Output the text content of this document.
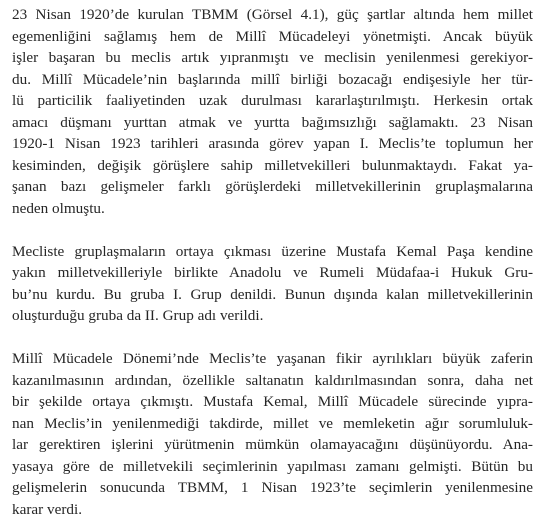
23 Nisan 1920’de kurulan TBMM (Görsel 4.1), güç şartlar altında hem millet
egemenliğini sağlamış hem de Millî Mücadeleyi yönetmişti. Ancak büyük
işler başaran bu meclis artık yıpranmıştı ve meclisin yenilenmesi gerekiyor-
du. Millî Mücadele’nin başlarında millî birliği bozacağı endişesiyle her tür-
lü particilik faaliyetinden uzak durulması kararlaştırılmıştı. Herkesin ortak
amacı düşmanı yurttan atmak ve yurtta bağımsızlığı sağlamaktı. 23 Nisan
1920-1 Nisan 1923 tarihleri arasında görev yapan I. Meclis’te toplumun her
kesiminden, değişik görüşlere sahip milletvekilleri bulunmaktaydı. Fakat ya-
şanan bazı gelişmeler farklı görüşlerdeki milletvekillerinin gruplaşmalarına
neden olmuştu.
Mecliste gruplaşmaların ortaya çıkması üzerine Mustafa Kemal Paşa kendine
yakın milletvekilleriyle birlikte Anadolu ve Rumeli Müdafaa-i Hukuk Gru-
bu’nu kurdu. Bu gruba I. Grup denildi. Bunun dışında kalan milletvekillerinin
oluşturduğu gruba da II. Grup adı verildi.
Millî Mücadele Dönemi’nde Meclis’te yaşanan fikir ayrılıkları büyük zaferin
kazanılmasının ardından, özellikle saltanatın kaldırılmasından sonra, daha net
bir şekilde ortaya çıkmıştı. Mustafa Kemal, Millî Mücadele sürecinde yıpra-
nan Meclis’in yenilenmediği takdirde, millet ve memleketin ağır sorumluluk-
lar gerektiren işlerini yürütmenin mümkün olamayacağını düşünüyordu. Ana-
yasaya göre de milletvekili seçimlerinin yapılması zamanı gelmişti. Bütün bu
gelişmelerin sonucunda TBMM, 1 Nisan 1923’te seçimlerin yenilenmesine
karar verdi.
